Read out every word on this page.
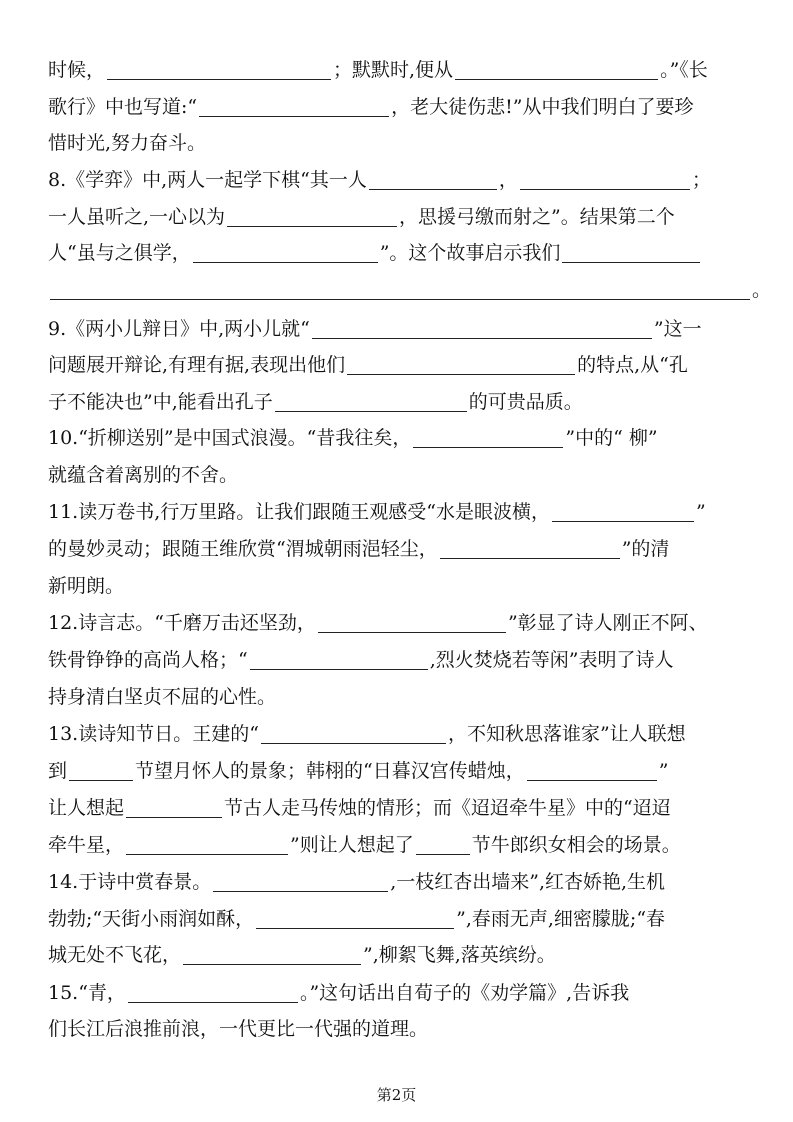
时候，	；默默时,便从	。”《长
歌行》中也写道:“	，老大徒伤悲!”从中我们明白了要珍
惜时光,努力奋斗。
8.《学弈》中,两人一起学下棋“其一人	，	；
一人虽听之,一心以为	，思援弓缴而射之”。结果第二个
人“虽与之俱学，	”。这个故事启示我们
。
9.《两小儿辩日》中,两小儿就“	”这一
问题展开辩论,有理有据,表现出他们	的特点,从“孔
子不能决也”中,能看出孔子	的可贵品质。
10.“折柳送别”是中国式浪漫。“昔我往矣，	”中的“ 柳”
就蕴含着离别的不舍。
11.读万卷书,行万里路。让我们跟随王观感受“水是眼波横，	”
的曼妙灵动；跟随王维欣赏“渭城朝雨浥轻尘，	”的清
新明朗。
12.诗言志。“千磨万击还坚劲，	”彰显了诗人刚正不阿、
铁骨铮铮的高尚人格；“	,烈火焚烧若等闲”表明了诗人
持身清白坚贞不屈的心性。
13.读诗知节日。王建的“	，不知秋思落谁家”让人联想
到	节望月怀人的景象；韩栩的“日暮汉宫传蜡烛，	”
让人想起	节古人走马传烛的情形；而《迢迢牵牛星》中的“迢迢
牵牛星，	”则让人想起了	节牛郎织女相会的场景。
14.于诗中赏春景。	,一枝红杏出墙来”,红杏娇艳,生机
勃勃;“天街小雨润如酥，	”,春雨无声,细密朦胧;“春
城无处不飞花，	”,柳絮飞舞,落英缤纷。
15.“青，	。”这句话出自荀子的《劝学篇》,告诉我
们长江后浪推前浪，一代更比一代强的道理。
第2页
